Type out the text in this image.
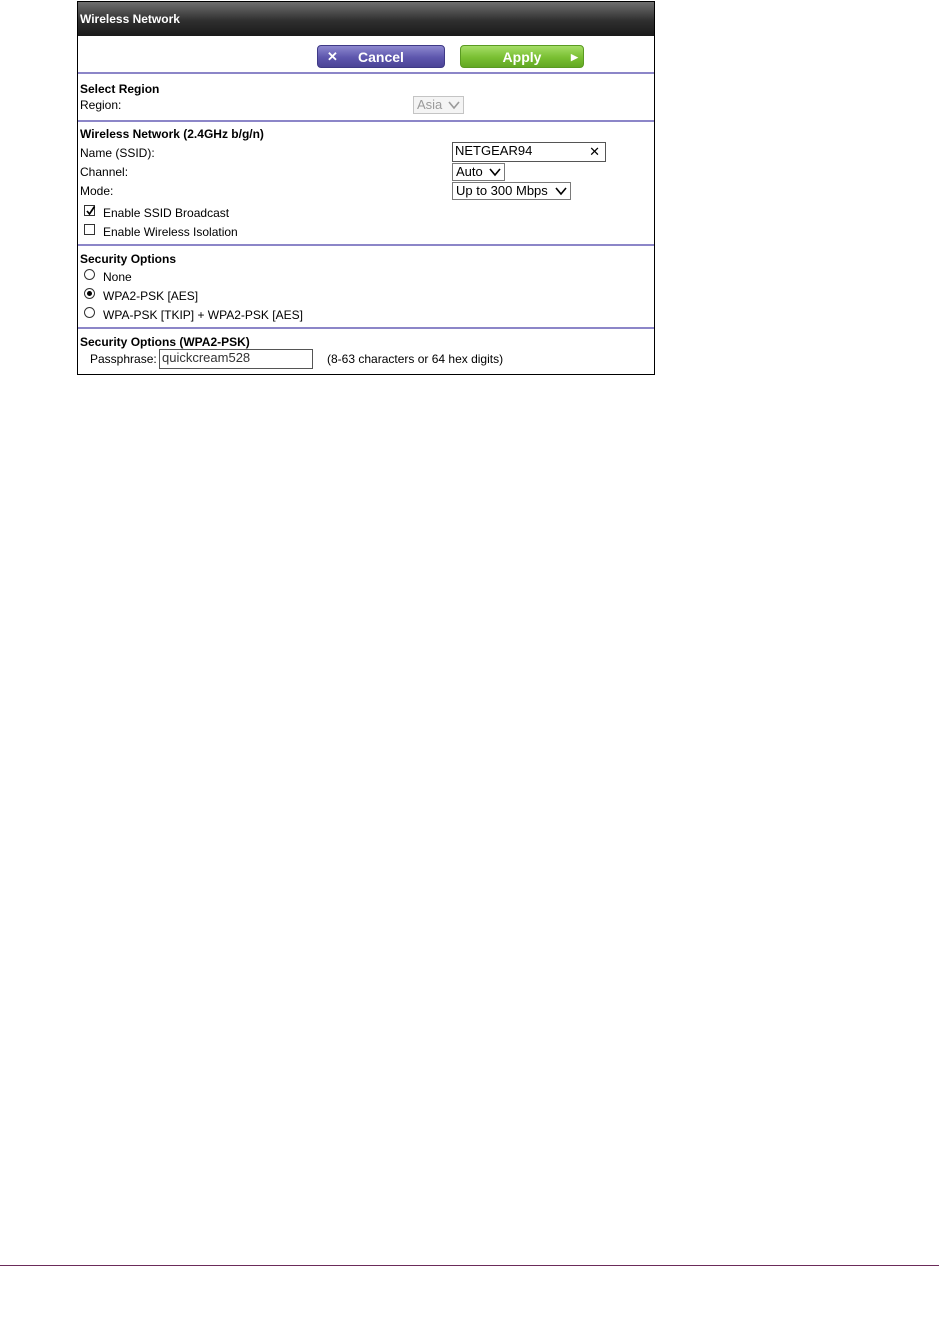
Wireless Network
✕	Cancel	Apply	▶
Select Region
Region:	Asia
Wireless Network (2.4GHz b/g/n)
Name (SSID):	NETGEAR94	✕
Channel:	Auto
Mode:	Up to 300 Mbps
Enable SSID Broadcast
Enable Wireless Isolation
Security Options
None
WPA2-PSK [AES]
WPA-PSK [TKIP] + WPA2-PSK [AES]
Security Options (WPA2-PSK)
Passphrase: quickcream528	(8-63 characters or 64 hex digits)
